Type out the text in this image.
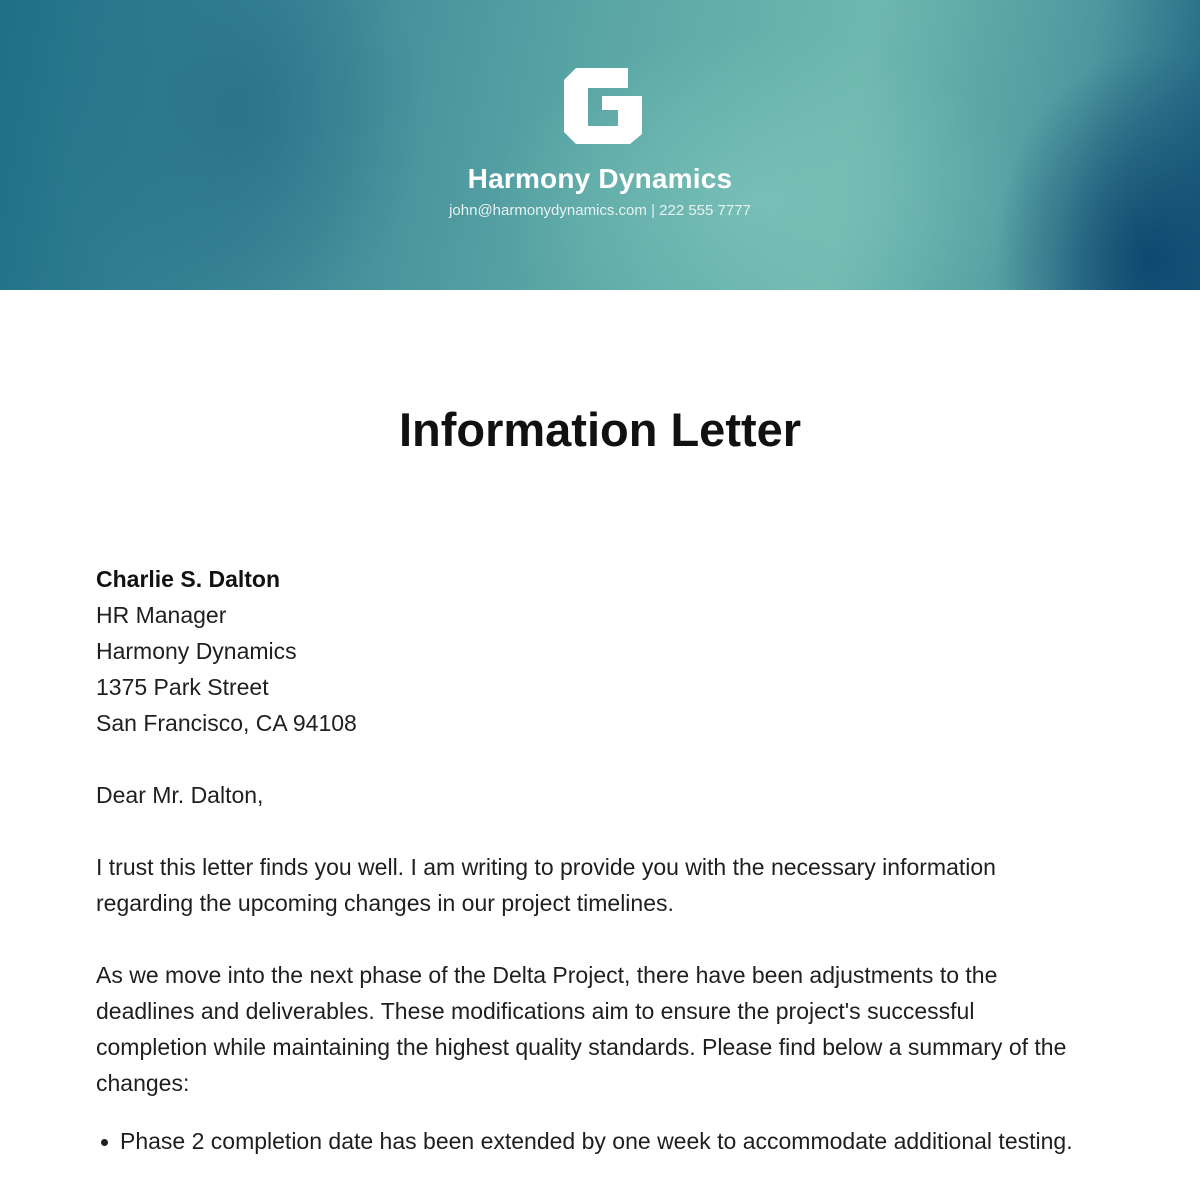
Harmony Dynamics
john@harmonydynamics.com | 222 555 7777
Information Letter
Charlie S. Dalton
HR Manager
Harmony Dynamics
1375 Park Street
San Francisco, CA 94108

Dear Mr. Dalton,

I trust this letter finds you well. I am writing to provide you with the necessary information regarding the upcoming changes in our project timelines.

As we move into the next phase of the Delta Project, there have been adjustments to the deadlines and deliverables. These modifications aim to ensure the project's successful completion while maintaining the highest quality standards. Please find below a summary of the changes:

Phase 2 completion date has been extended by one week to accommodate additional testing.
